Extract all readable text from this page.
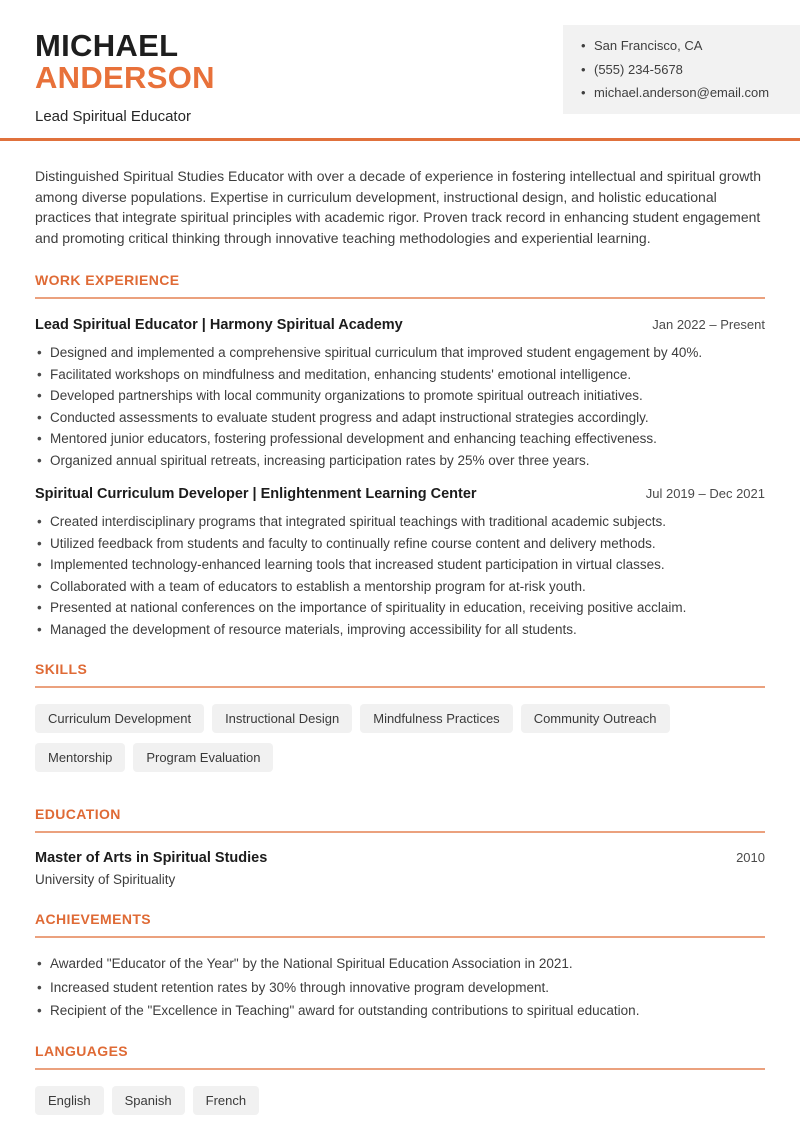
MICHAEL
ANDERSON
Lead Spiritual Educator
• San Francisco, CA
• (555) 234-5678
• michael.anderson@email.com

Distinguished Spiritual Studies Educator with over a decade of experience in fostering intellectual and spiritual growth among diverse populations. Expertise in curriculum development, instructional design, and holistic educational practices that integrate spiritual principles with academic rigor. Proven track record in enhancing student engagement and promoting critical thinking through innovative teaching methodologies and experiential learning.

WORK EXPERIENCE
Lead Spiritual Educator | Harmony Spiritual Academy	Jan 2022 – Present
• Designed and implemented a comprehensive spiritual curriculum that improved student engagement by 40%.
• Facilitated workshops on mindfulness and meditation, enhancing students' emotional intelligence.
• Developed partnerships with local community organizations to promote spiritual outreach initiatives.
• Conducted assessments to evaluate student progress and adapt instructional strategies accordingly.
• Mentored junior educators, fostering professional development and enhancing teaching effectiveness.
• Organized annual spiritual retreats, increasing participation rates by 25% over three years.
Spiritual Curriculum Developer | Enlightenment Learning Center	Jul 2019 – Dec 2021
• Created interdisciplinary programs that integrated spiritual teachings with traditional academic subjects.
• Utilized feedback from students and faculty to continually refine course content and delivery methods.
• Implemented technology-enhanced learning tools that increased student participation in virtual classes.
• Collaborated with a team of educators to establish a mentorship program for at-risk youth.
• Presented at national conferences on the importance of spirituality in education, receiving positive acclaim.
• Managed the development of resource materials, improving accessibility for all students.
SKILLS
Curriculum Development	Instructional Design	Mindfulness Practices	Community Outreach Mentorship	Program Evaluation
EDUCATION
Master of Arts in Spiritual Studies	2010
University of Spirituality
ACHIEVEMENTS
• Awarded "Educator of the Year" by the National Spiritual Education Association in 2021.
• Increased student retention rates by 30% through innovative program development.
• Recipient of the "Excellence in Teaching" award for outstanding contributions to spiritual education.
LANGUAGES
English	Spanish	French
